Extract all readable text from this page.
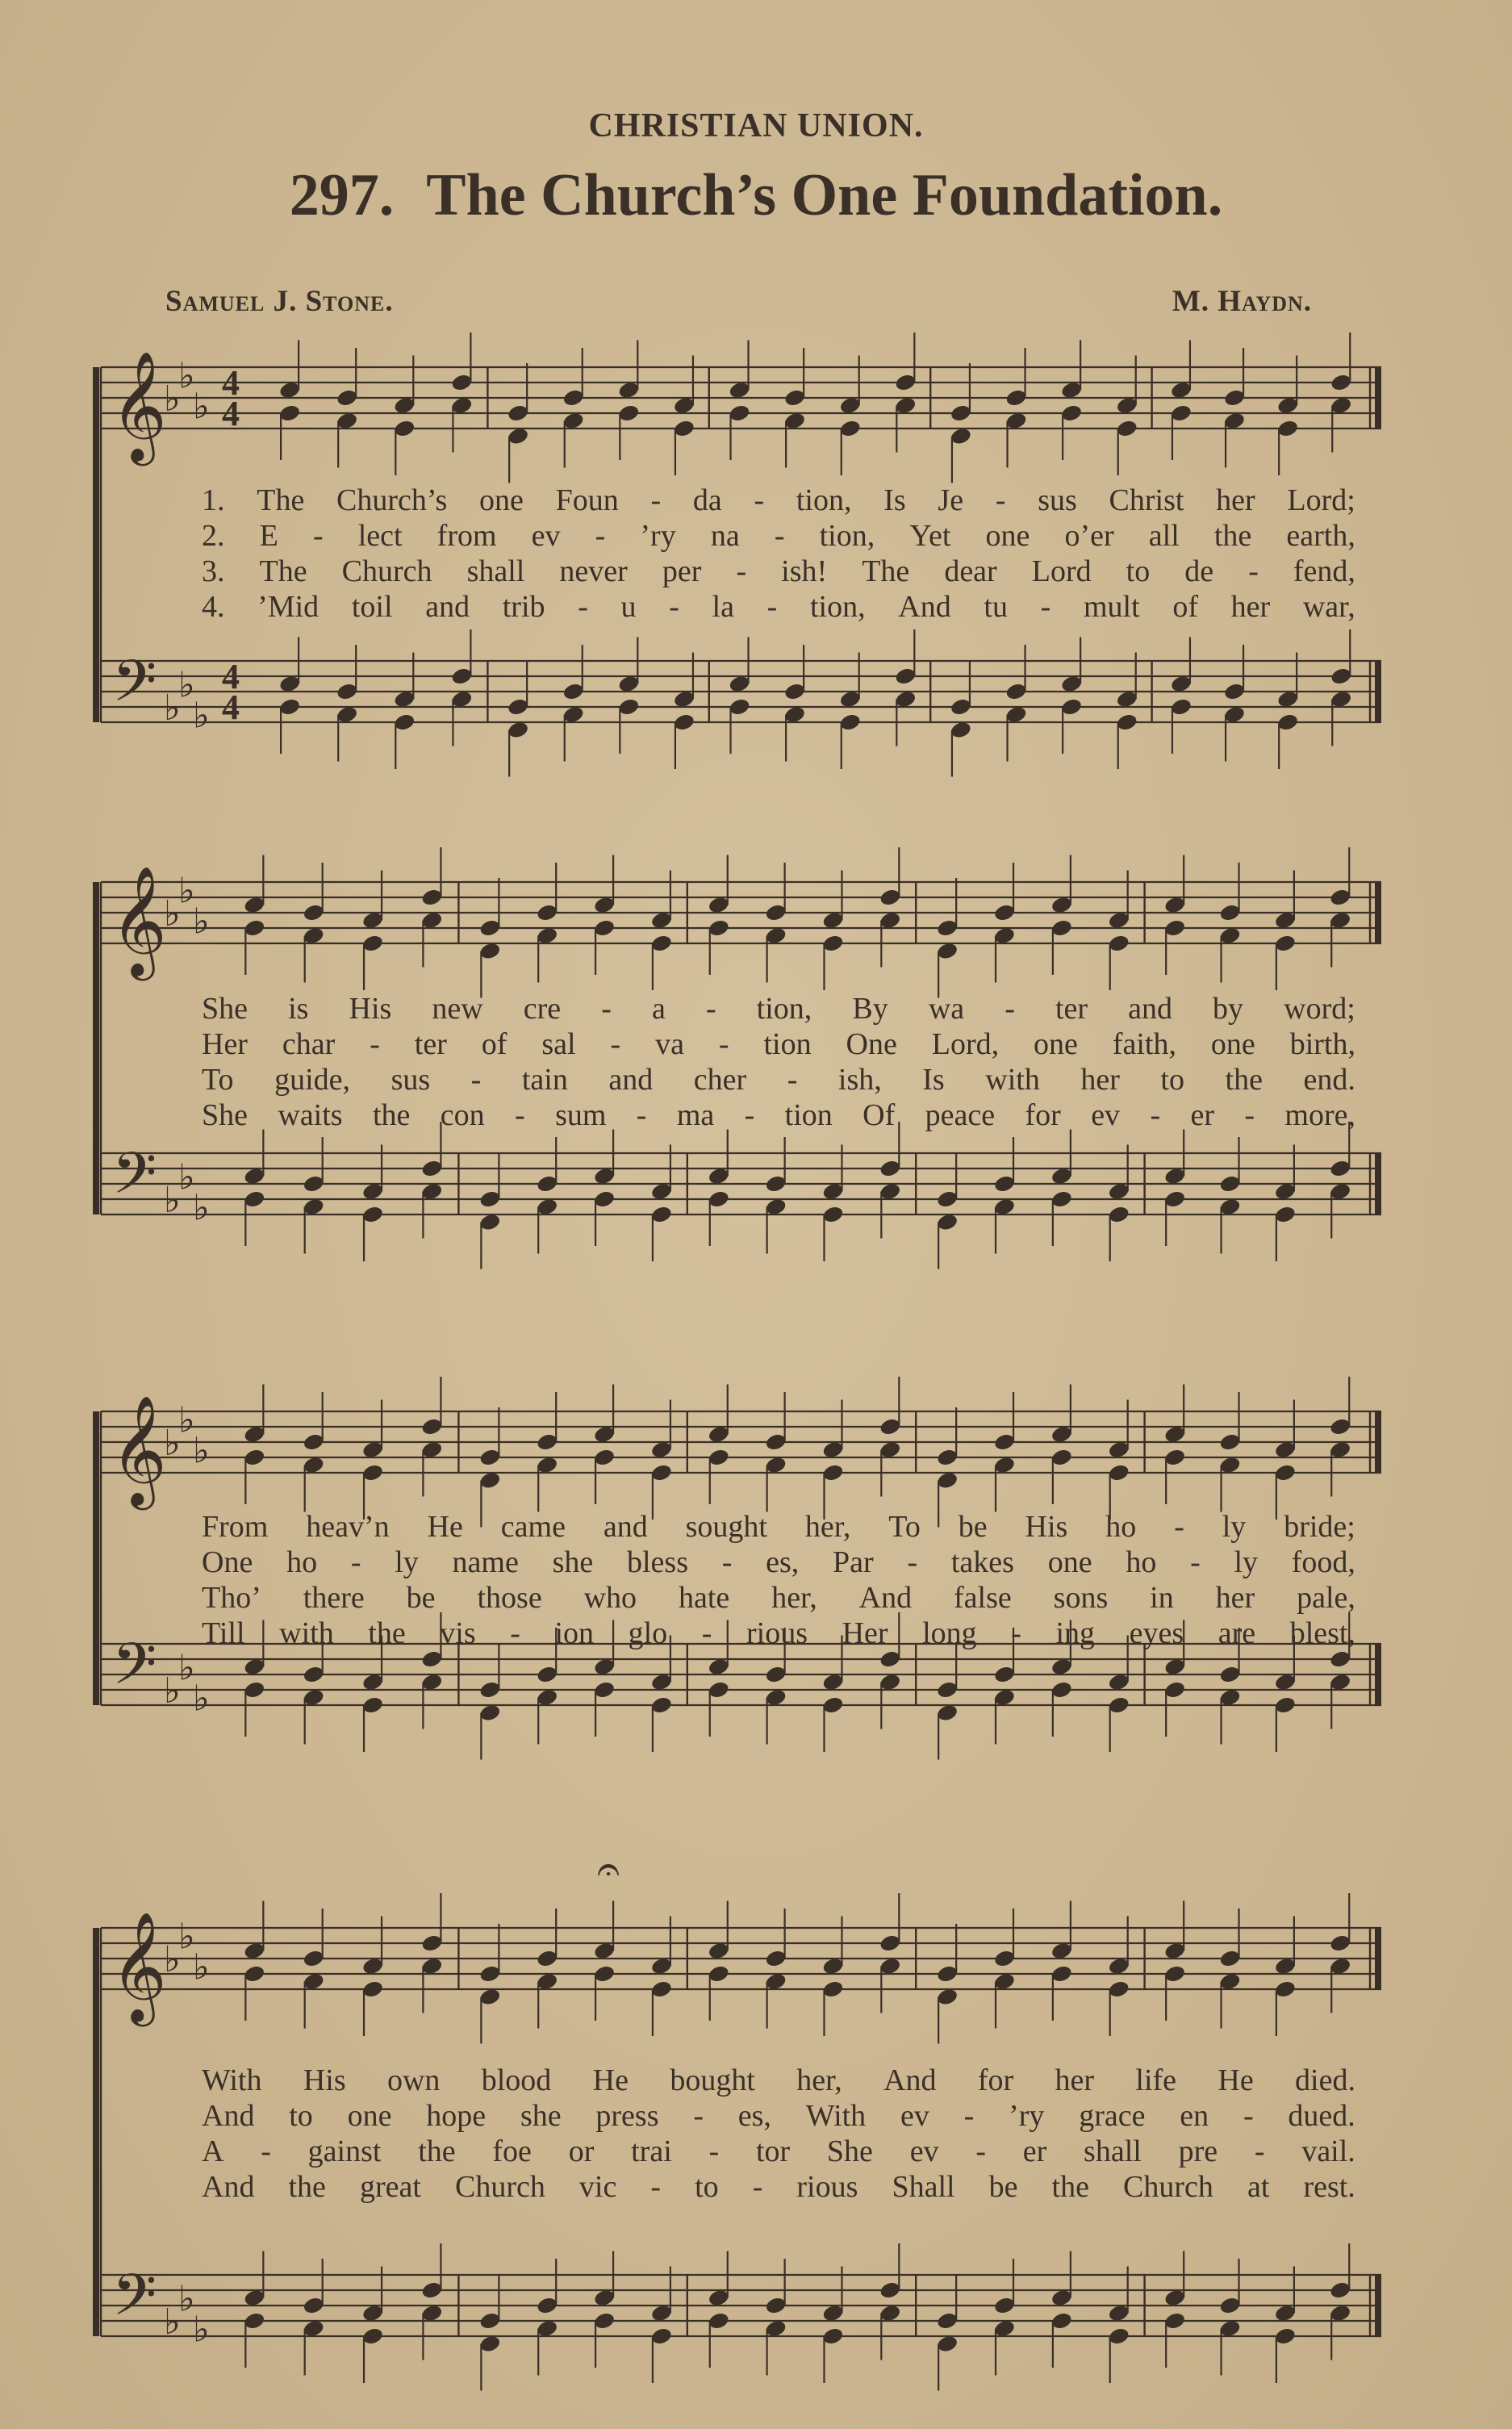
CHRISTIAN UNION.
297. The Church’s One Foundation.
Samuel J. Stone.	M. Haydn.
𝄞
𝄢
♭
♭
♭
♭
♭
♭
4
4
4
4
1. The Church’s one Foun - da - tion, Is Je - sus Christ her Lord;
2. E - lect from ev - ’ry na - tion, Yet one o’er all the earth,
3. The Church shall never per - ish! The dear Lord to de - fend,
4. ’Mid toil and trib - u - la - tion, And tu - mult of her war,
𝄞
𝄢
♭
♭
♭
♭
♭
♭
She is His new cre - a - tion, By wa - ter and by word;
Her char - ter of sal - va - tion One Lord, one faith, one birth,
To guide, sus - tain and cher - ish, Is with her to the end.
She waits the con - sum - ma - tion Of peace for ev - er - more,
𝄞
𝄢
♭
♭
♭
♭
♭
♭
From heav’n He came and sought her, To be His ho - ly bride;
One ho - ly name she bless - es, Par - takes one ho - ly food,
Tho’ there be those who hate her, And false sons in her pale,
Till with the vis - ion glo - rious Her long - ing eyes are blest,
𝄞
𝄢
♭
♭
♭
♭
♭
♭
𝄐
With His own blood He bought her, And for her life He died.
And to one hope she press - es, With ev - ’ry grace en - dued.
A - gainst the foe or trai - tor She ev - er shall pre - vail.
And the great Church vic - to - rious Shall be the Church at rest.
